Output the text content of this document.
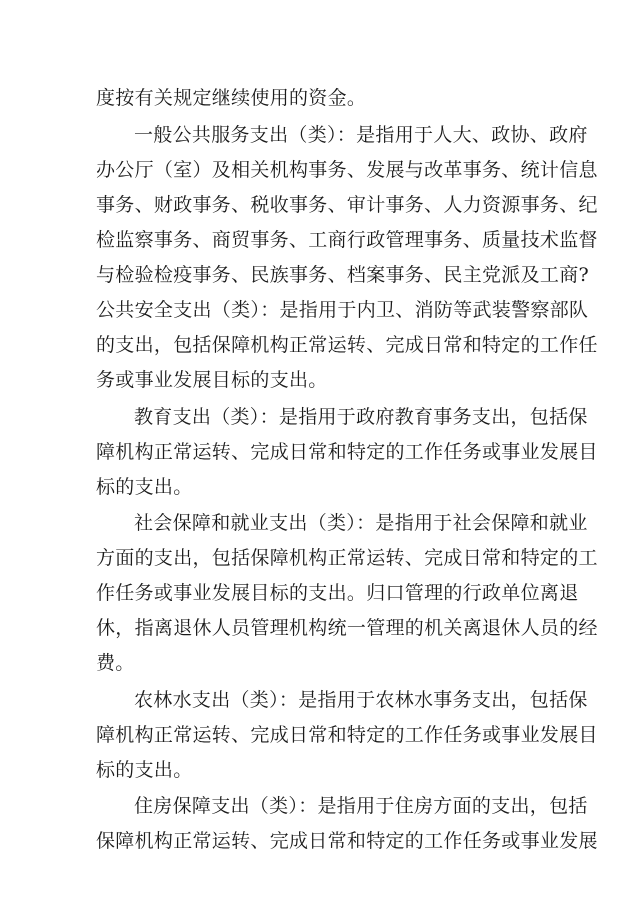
度按有关规定继续使用的资金。
一般公共服务支出（类）：是指用于人大、政协、政府
办公厅（室）及相关机构事务、发展与改革事务、统计信息
事务、财政事务、税收事务、审计事务、人力资源事务、纪
检监察事务、商贸事务、工商行政管理事务、质量技术监督
与检验检疫事务、民族事务、档案事务、民主党派及工商?
公共安全支出（类）：是指用于内卫、消防等武装警察部队
的支出，包括保障机构正常运转、完成日常和特定的工作任
务或事业发展目标的支出。
教育支出（类）：是指用于政府教育事务支出，包括保
障机构正常运转、完成日常和特定的工作任务或事业发展目
标的支出。
社会保障和就业支出（类）：是指用于社会保障和就业
方面的支出，包括保障机构正常运转、完成日常和特定的工
作任务或事业发展目标的支出。归口管理的行政单位离退
休，指离退休人员管理机构统一管理的机关离退休人员的经
费。
农林水支出（类）：是指用于农林水事务支出，包括保
障机构正常运转、完成日常和特定的工作任务或事业发展目
标的支出。
住房保障支出（类）：是指用于住房方面的支出，包括
保障机构正常运转、完成日常和特定的工作任务或事业发展
